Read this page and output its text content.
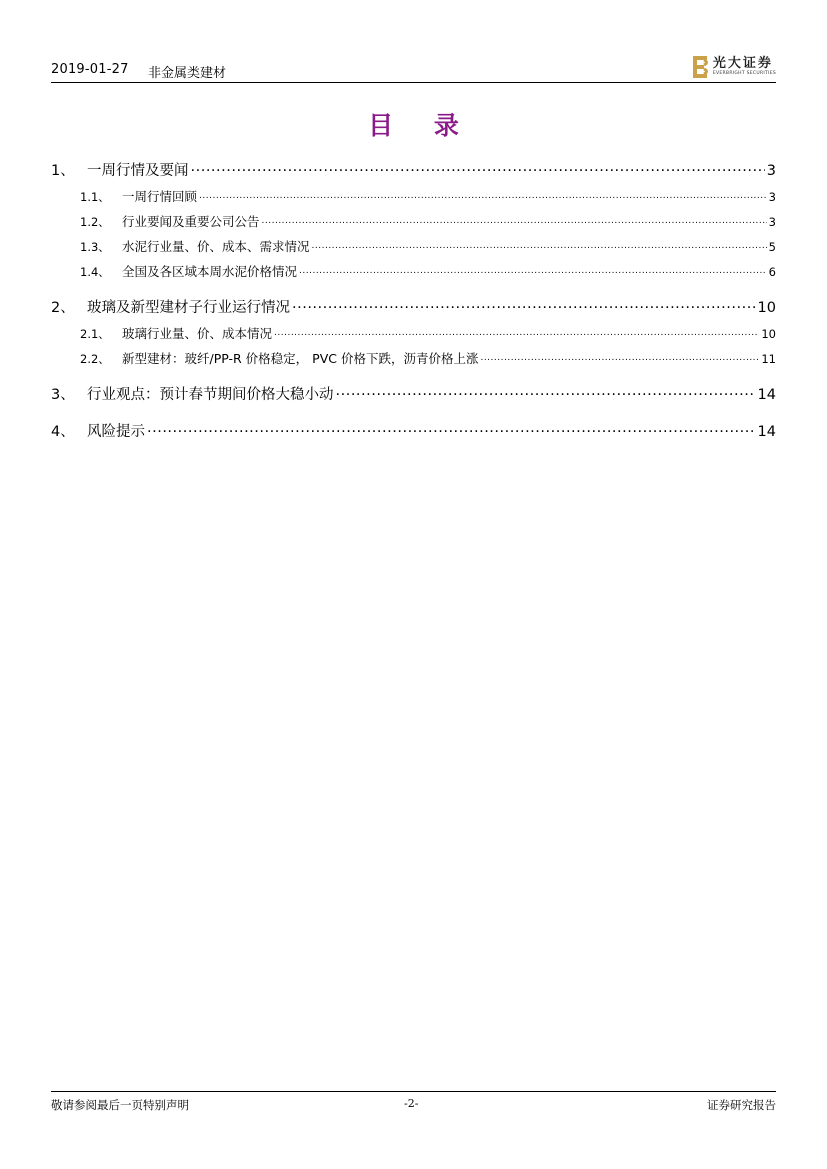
2019-01-27 非金属类建材
光大证券
EVERBRIGHT SECURITIES
目 录
1、 一周行情及要闻 .....	3
1.1、 一周行情回顾 .....	3
1.2、 行业要闻及重要公司公告 .....	3
1.3、 水泥行业量、价、成本、需求情况 .....	5
1.4、 全国及各区域本周水泥价格情况 .....	6
2、 玻璃及新型建材子行业运行情况 .....	10
2.1、 玻璃行业量、价、成本情况 .....	10
2.2、 新型建材：玻纤/PP-R 价格稳定， PVC 价格下跌，沥青价格上涨 .....	11
3、 行业观点：预计春节期间价格大稳小动 .....	14
4、 风险提示 .....	14
敬请参阅最后一页特别声明	-2-	证券研究报告
